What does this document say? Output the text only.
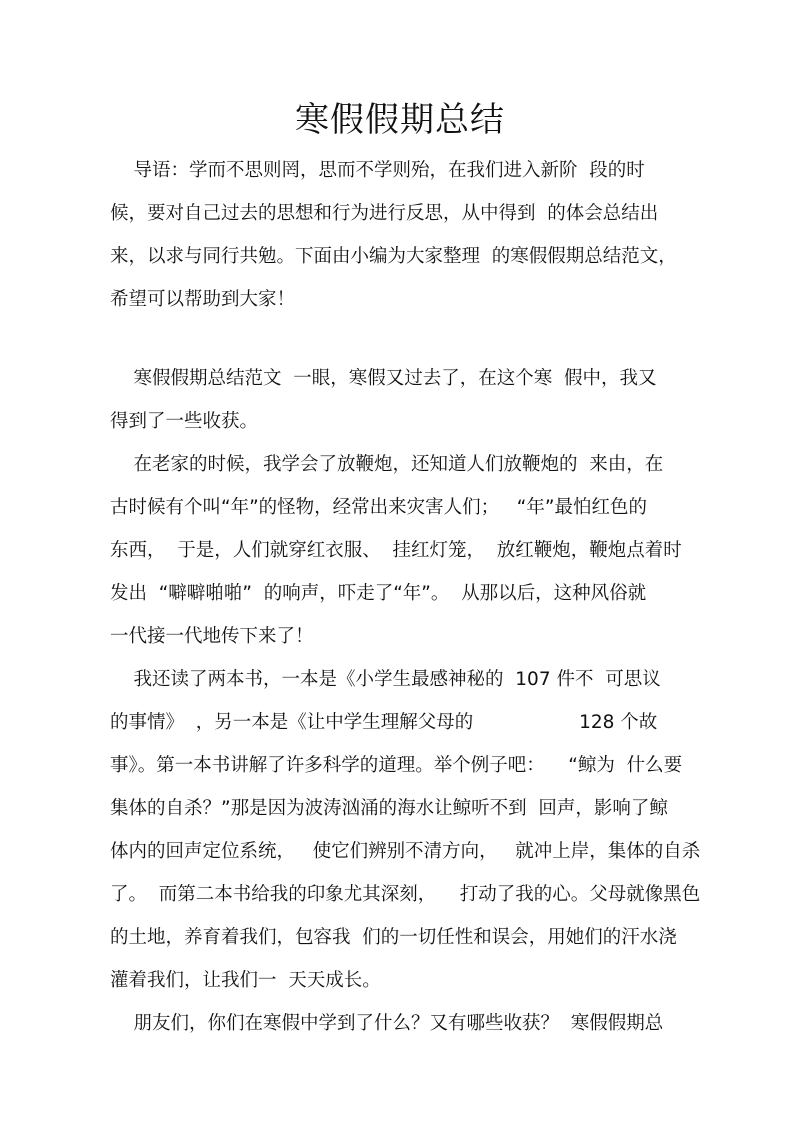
寒假假期总结
导语：学而不思则罔，思而不学则殆，在我们进入新阶  段的时
候，要对自己过去的思想和行为进行反思，从中得到  的体会总结出
来，以求与同行共勉。下面由小编为大家整理  的寒假假期总结范文，
希望可以帮助到大家！
寒假假期总结范文  一眼，寒假又过去了，在这个寒  假中，我又
得到了一些收获。
在老家的时候，我学会了放鞭炮，还知道人们放鞭炮的  来由，在
古时候有个叫“年”的怪物，经常出来灾害人们；   “年”最怕红色的
东西，  于是，人们就穿红衣服、  挂红灯笼，  放红鞭炮，鞭炮点着时
发出  “噼噼啪啪”  的响声，吓走了“年”。  从那以后，这种风俗就
一代接一代地传下来了！
我还读了两本书，一本是《小学生最感神秘的  107 件不  可思议
的事情》  ，另一本是《让中学生理解父母的                  128 个故
事》。第一本书讲解了许多科学的道理。举个例子吧：    “鲸为  什么要
集体的自杀？”那是因为波涛汹涌的海水让鲸听不到  回声，影响了鲸
体内的回声定位系统，   使它们辨别不清方向，   就冲上岸，集体的自杀
了。  而第二本书给我的印象尤其深刻，    打动了我的心。父母就像黑色
的土地，养育着我们，包容我  们的一切任性和误会，用她们的汗水浇
灌着我们，让我们一  天天成长。
朋友们，你们在寒假中学到了什么？又有哪些收获？  寒假假期总
